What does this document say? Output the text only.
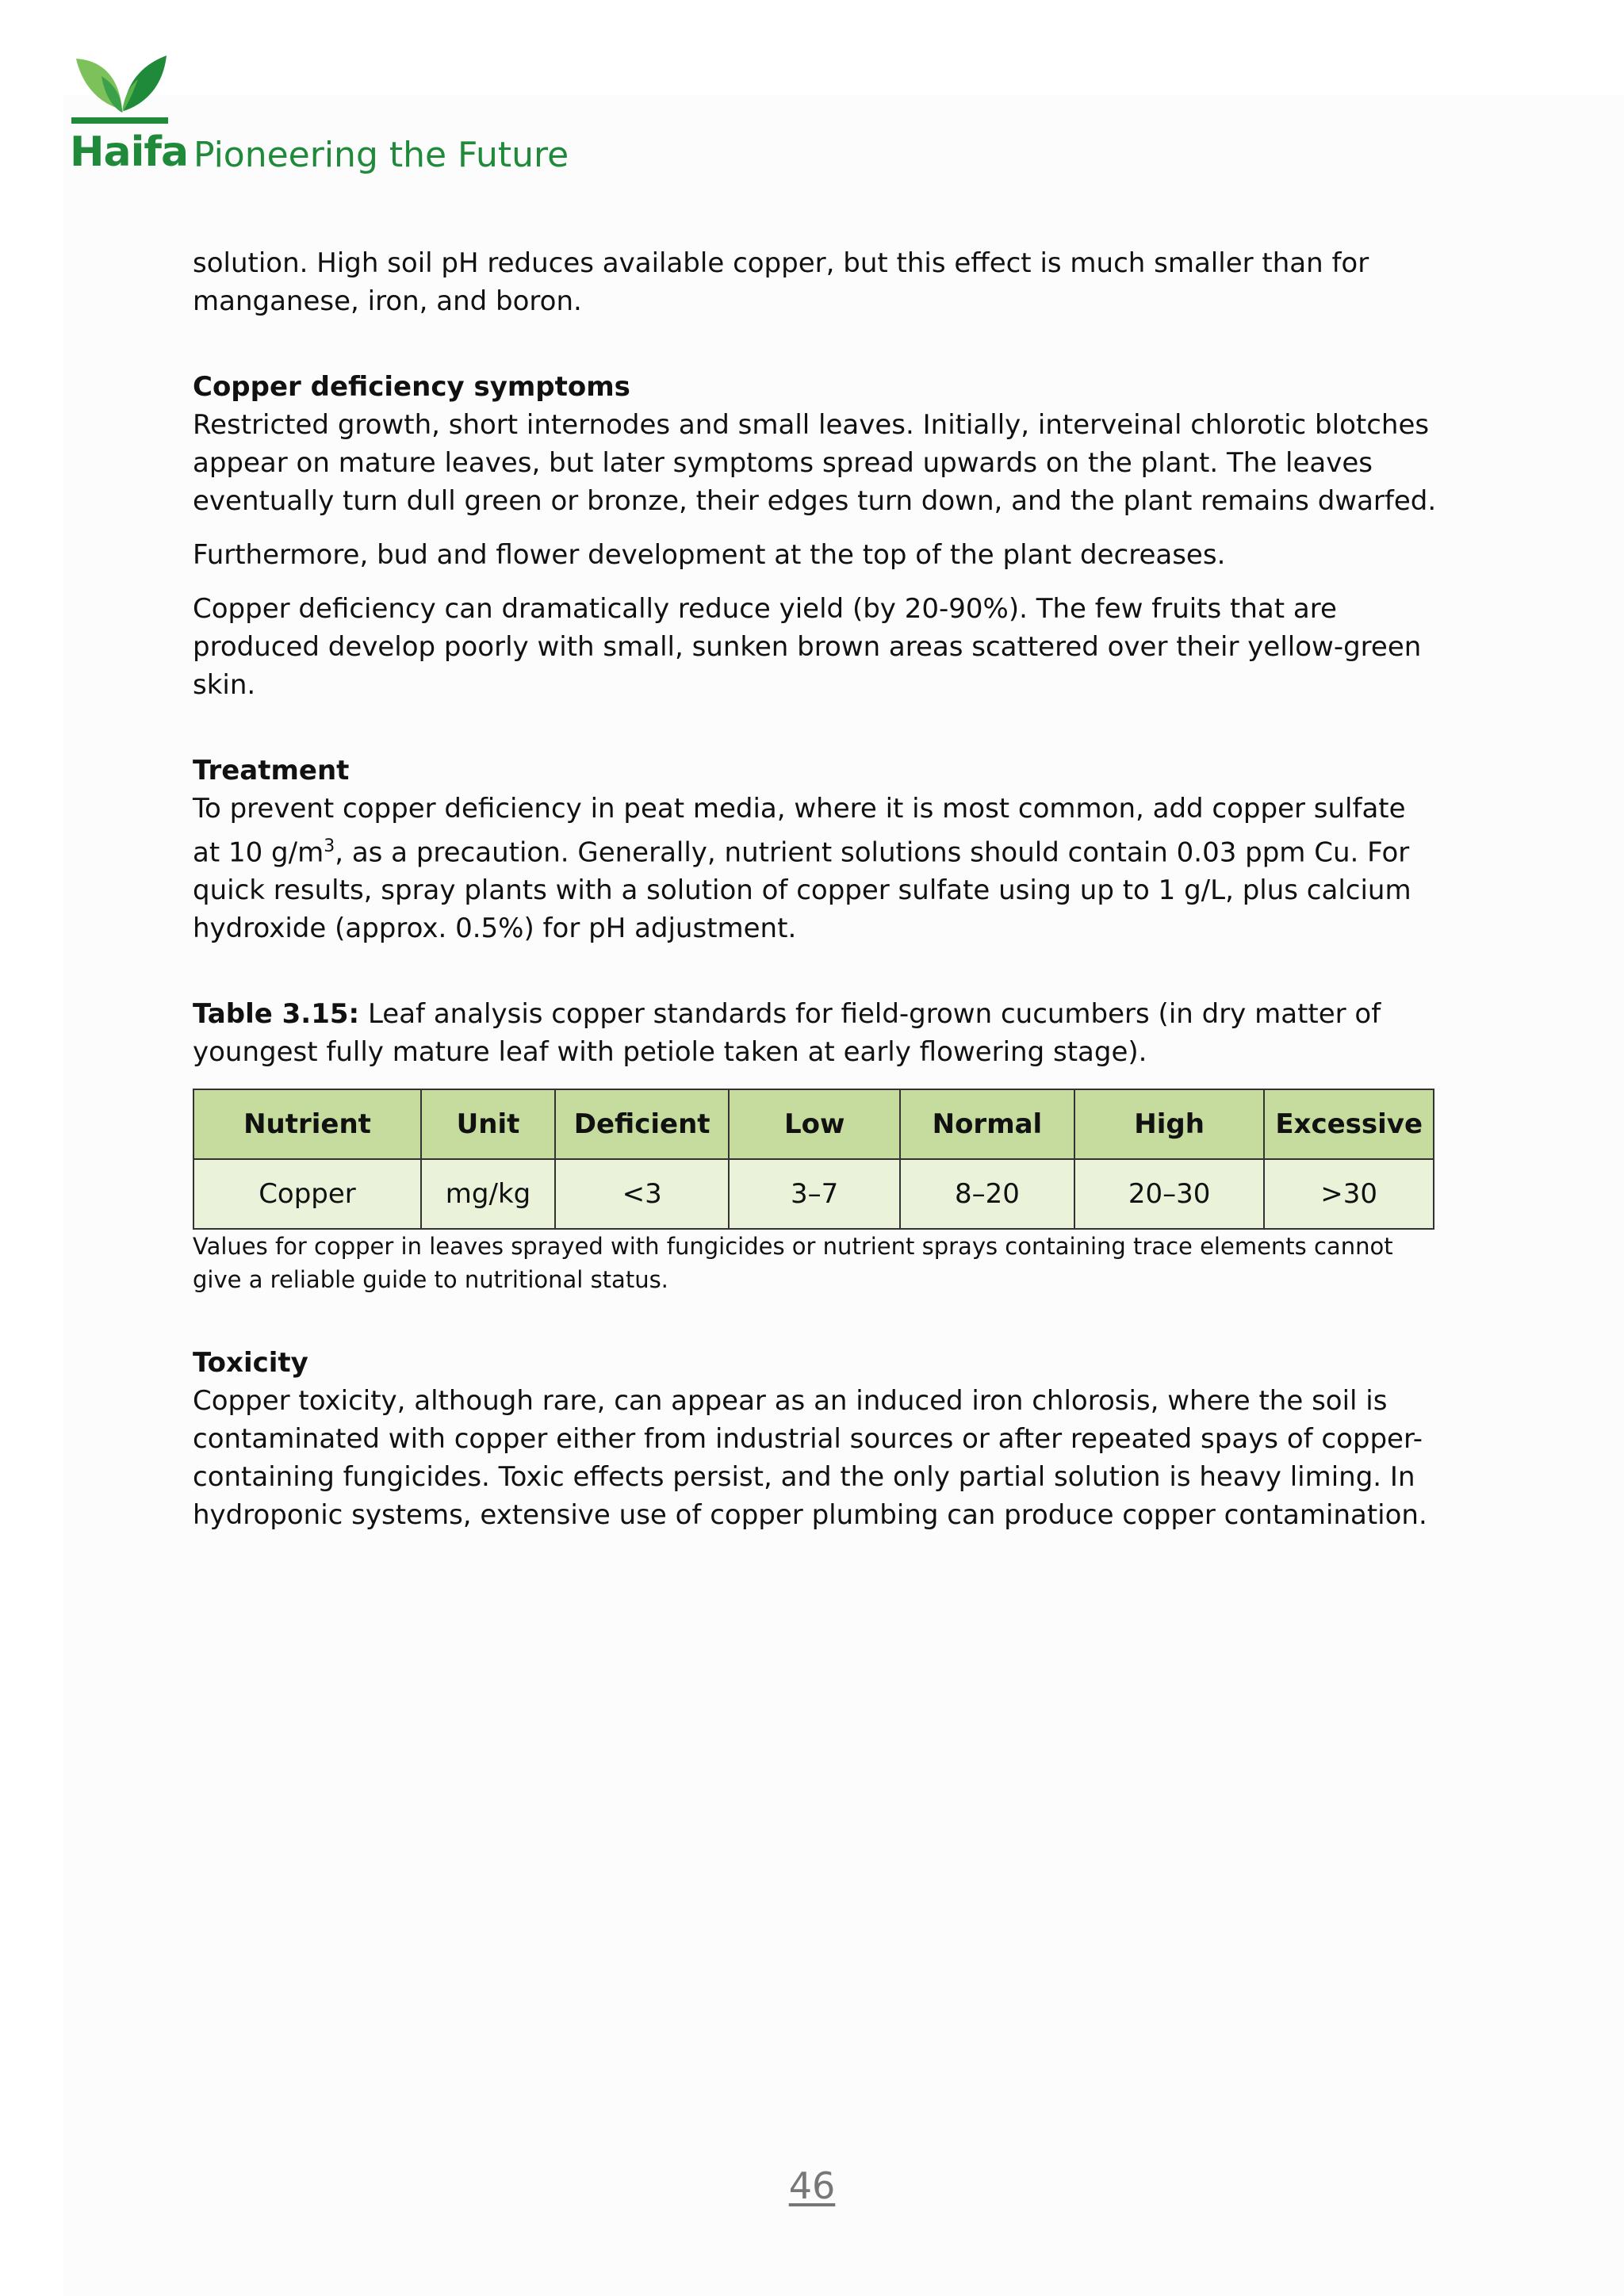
Haifa Pioneering the Future

solution. High soil pH reduces available copper, but this effect is much smaller than for manganese, iron, and boron.

Copper deficiency symptoms

Restricted growth, short internodes and small leaves. Initially, interveinal chlorotic blotches appear on mature leaves, but later symptoms spread upwards on the plant. The leaves eventually turn dull green or bronze, their edges turn down, and the plant remains dwarfed.

Furthermore, bud and flower development at the top of the plant decreases.

Copper deficiency can dramatically reduce yield (by 20-90%). The few fruits that are produced develop poorly with small, sunken brown areas scattered over their yellow-green skin.

Treatment

To prevent copper deficiency in peat media, where it is most common, add copper sulfate at 10 $g/m^3$, as a precaution. Generally, nutrient solutions should contain 0.03 ppm Cu. For quick results, spray plants with a solution of copper sulfate using up to 1 g/L, plus calcium hydroxide (approx. 0.5%) for pH adjustment.

Table 3.15: Leaf analysis copper standards for field-grown cucumbers (in dry matter of youngest fully mature leaf with petiole taken at early flowering stage).

Nutrient	Unit	Deficient	Low	Normal	High	Excessive
Copper	mg/kg	<3	3–7	8–20	20–30	>30

Values for copper in leaves sprayed with fungicides or nutrient sprays containing trace elements cannot give a reliable guide to nutritional status.

Toxicity

Copper toxicity, although rare, can appear as an induced iron chlorosis, where the soil is contaminated with copper either from industrial sources or after repeated spays of copper-containing fungicides. Toxic effects persist, and the only partial solution is heavy liming. In hydroponic systems, extensive use of copper plumbing can produce copper contamination.

46
